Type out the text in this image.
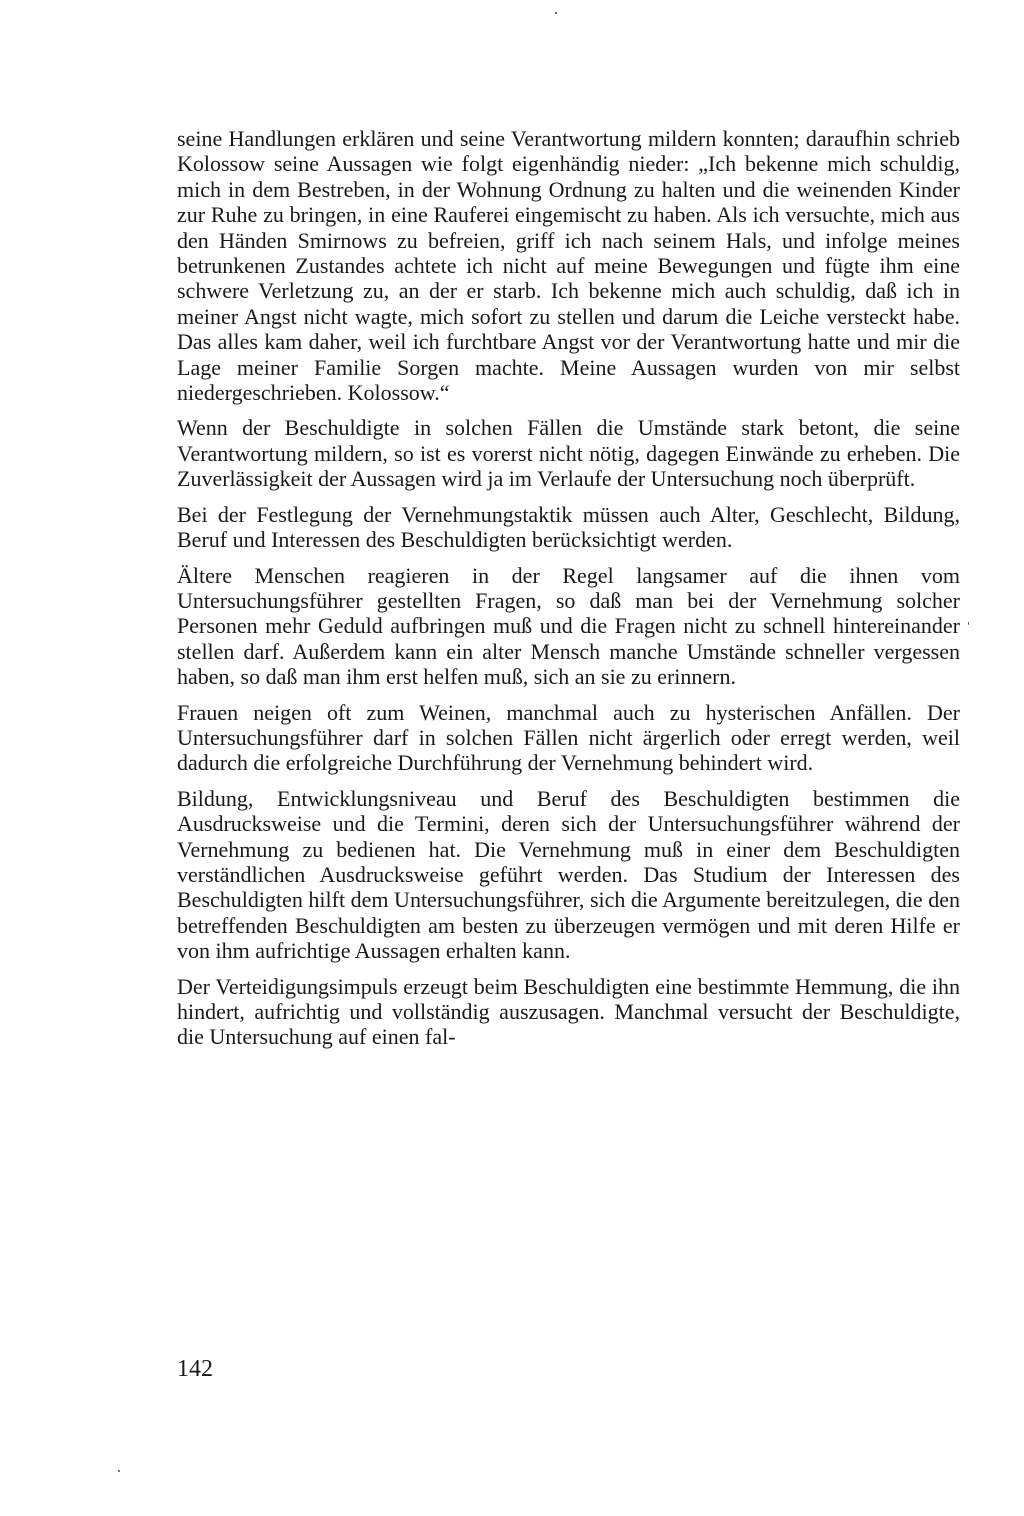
seine Handlungen erklären und seine Verantwortung mildern konnten; daraufhin schrieb Kolossow seine Aussagen wie folgt eigenhändig nieder: „Ich bekenne mich schuldig, mich in dem Bestreben, in der Wohnung Ordnung zu halten und die weinenden Kinder zur Ruhe zu bringen, in eine Rauferei eingemischt zu haben. Als ich versuchte, mich aus den Händen Smirnows zu befreien, griff ich nach seinem Hals, und infolge meines betrunkenen Zustandes achtete ich nicht auf meine Bewegungen und fügte ihm eine schwere Verletzung zu, an der er starb. Ich bekenne mich auch schuldig, daß ich in meiner Angst nicht wagte, mich sofort zu stellen und darum die Leiche versteckt habe. Das alles kam daher, weil ich furchtbare Angst vor der Verantwortung hatte und mir die Lage meiner Familie Sorgen machte. Meine Aussagen wurden von mir selbst niedergeschrieben. Kolossow.“

Wenn der Beschuldigte in solchen Fällen die Umstände stark betont, die seine Verantwortung mildern, so ist es vorerst nicht nötig, dagegen Einwände zu erheben. Die Zuverlässigkeit der Aussagen wird ja im Verlaufe der Untersuchung noch überprüft.

Bei der Festlegung der Vernehmungstaktik müssen auch Alter, Geschlecht, Bildung, Beruf und Interessen des Beschuldigten berücksichtigt werden.

Ältere Menschen reagieren in der Regel langsamer auf die ihnen vom Untersuchungsführer gestellten Fragen, so daß man bei der Vernehmung solcher Personen mehr Geduld aufbringen muß und die Fragen nicht zu schnell hintereinander stellen darf. Außerdem kann ein alter Mensch manche Umstände schneller vergessen haben, so daß man ihm erst helfen muß, sich an sie zu erinnern.

Frauen neigen oft zum Weinen, manchmal auch zu hysterischen Anfällen. Der Untersuchungsführer darf in solchen Fällen nicht ärgerlich oder erregt werden, weil dadurch die erfolgreiche Durchführung der Vernehmung behindert wird.

Bildung, Entwicklungsniveau und Beruf des Beschuldigten bestimmen die Ausdrucksweise und die Termini, deren sich der Untersuchungsführer während der Vernehmung zu bedienen hat. Die Vernehmung muß in einer dem Beschuldigten verständlichen Ausdrucksweise geführt werden. Das Studium der Interessen des Beschuldigten hilft dem Untersuchungsführer, sich die Argumente bereitzulegen, die den betreffenden Beschuldigten am besten zu überzeugen vermögen und mit deren Hilfe er von ihm aufrichtige Aussagen erhalten kann.

Der Verteidigungsimpuls erzeugt beim Beschuldigten eine bestimmte Hemmung, die ihn hindert, aufrichtig und vollständig auszusagen. Manchmal versucht der Beschuldigte, die Untersuchung auf einen fal-

142
